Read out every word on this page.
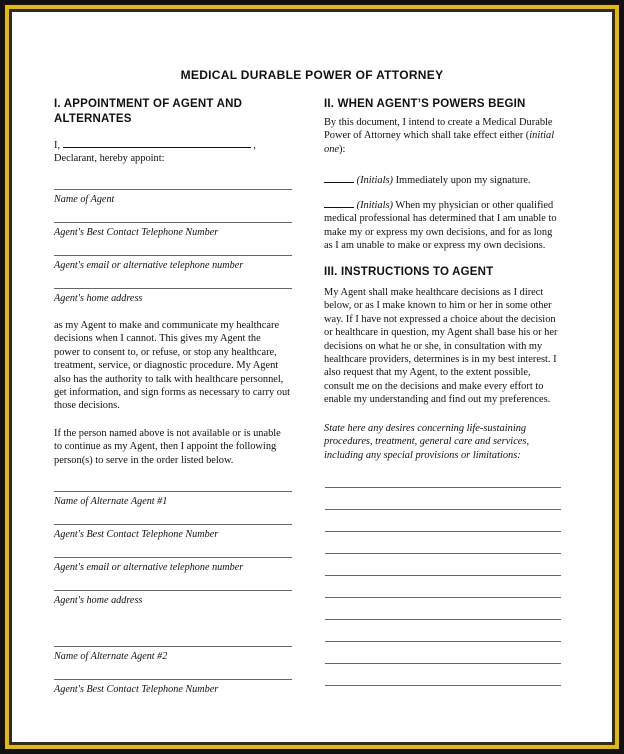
MEDICAL DURABLE POWER OF ATTORNEY
I. APPOINTMENT OF AGENT AND
ALTERNATES
I,	,
Declarant, hereby appoint:
Name of Agent
Agent's Best Contact Telephone Number
Agent's email or alternative telephone number
Agent's home address
as my Agent to make and communicate my healthcare
decisions when I cannot. This gives my Agent the
power to consent to, or refuse, or stop any healthcare,
treatment, service, or diagnostic procedure. My Agent
also has the authority to talk with healthcare personnel,
get information, and sign forms as necessary to carry out
those decisions.
If the person named above is not available or is unable
to continue as my Agent, then I appoint the following
person(s) to serve in the order listed below.
Name of Alternate Agent #1
Agent's Best Contact Telephone Number
Agent's email or alternative telephone number
Agent's home address
Name of Alternate Agent #2
Agent's Best Contact Telephone Number
II. WHEN AGENT’S POWERS BEGIN
By this document, I intend to create a Medical Durable
Power of Attorney which shall take effect either (initial
one):
(Initials) Immediately upon my signature.
(Initials) When my physician or other qualified
medical professional has determined that I am unable to
make my or express my own decisions, and for as long
as I am unable to make or express my own decisions.
III. INSTRUCTIONS TO AGENT
My Agent shall make healthcare decisions as I direct
below, or as I make known to him or her in some other
way. If I have not expressed a choice about the decision
or healthcare in question, my Agent shall base his or her
decisions on what he or she, in consultation with my
healthcare providers, determines is in my best interest. I
also request that my Agent, to the extent possible,
consult me on the decisions and make every effort to
enable my understanding and find out my preferences.
State here any desires concerning life-sustaining
procedures, treatment, general care and services,
including any special provisions or limitations:
